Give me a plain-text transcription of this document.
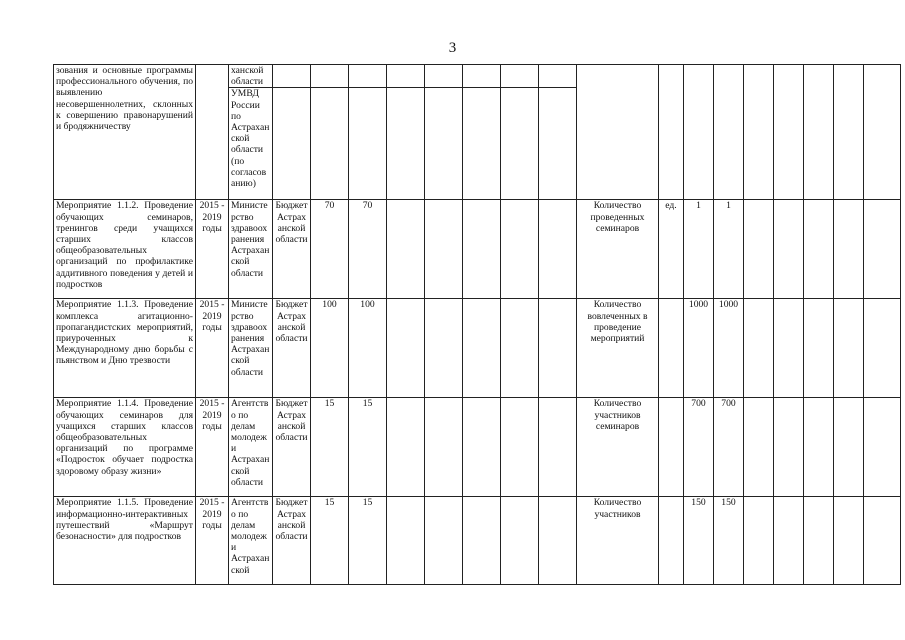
3
зования и основные программы профессионального обучения, по выявлению несовершеннолетних, склонных к совершению правонарушений и бродяжничеству		ханской области																	
		УМВД России по Астраханской области (по согласованию)																	
Мероприятие 1.1.2. Проведение обучающих семинаров, тренингов среди учащихся старших классов общеобразовательных организаций по профилактике аддитивного поведения у детей и подростков	2015 - 2019 годы	Министерство здравоохранения Астраханской области	Бюджет Астраханской области	70	70						Количество проведенных семинаров	ед.	1	1					
Мероприятие 1.1.3. Проведение комплекса агитационно-пропагандистских мероприятий, приуроченных к Международному дню борьбы с пьянством и Дню трезвости	2015 - 2019 годы	Министерство здравоохранения Астраханской области	Бюджет Астраханской области	100	100						Количество вовлеченных в проведение мероприятий		1000	1000					
Мероприятие 1.1.4. Проведение обучающих семинаров для учащихся старших классов общеобразовательных организаций по программе «Подросток обучает подростка здоровому образу жизни»	2015 - 2019 годы	Агентство по делам молодежи Астраханской области	Бюджет Астраханской области	15	15						Количество участников семинаров		700	700					
Мероприятие 1.1.5. Проведение информационно-интерактивных путешествий «Маршрут безонасности» для подростков	2015 - 2019 годы	Агентство по делам молодежи Астраханской	Бюджет Астраханской области	15	15						Количество участников		150	150					
